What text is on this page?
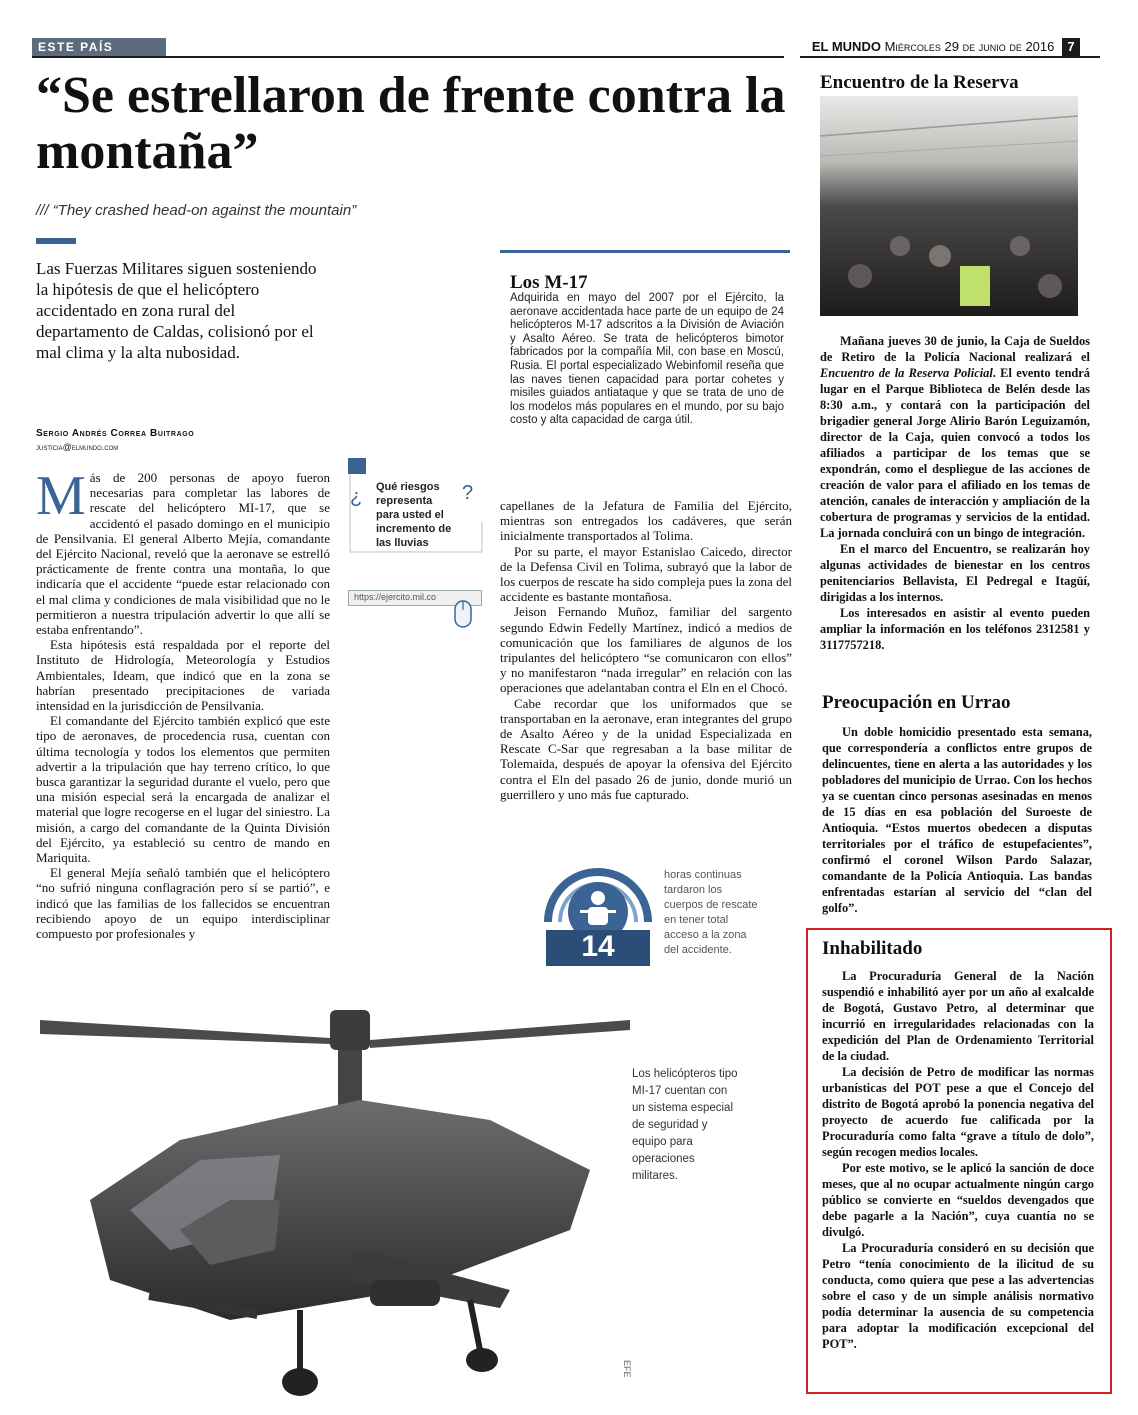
ESTE PAÍS	EL MUNDO Miércoles 29 de junio de 2016 7
“Se estrellaron de frente contra la montaña”
/// “They crashed head-on against the mountain”

Las Fuerzas Militares siguen sosteniendo la hipótesis de que el helicóptero accidentado en zona rural del departamento de Caldas, colisionó por el mal clima y la alta nubosidad.

Sergio Andrés Correa Buitrago
justicia@elmundo.com

Más de 200 personas de apoyo fueron necesarias para completar las labores de rescate del helicóptero MI-17, que se accidentó el pasado domingo en el municipio de Pensilvania. El general Alberto Mejía, comandante del Ejército Nacional, reveló que la aeronave se estrelló prácticamente de frente contra una montaña, lo que indicaría que el accidente “puede estar relacionado con el mal clima y condiciones de mala visibilidad que no le permitieron a nuestra tripulación advertir lo que allí se estaba enfrentando”.

Esta hipótesis está respaldada por el reporte del Instituto de Hidrología, Meteorología y Estudios Ambientales, Ideam, que indicó que en la zona se habrían presentado precipitaciones de variada intensidad en la jurisdicción de Pensilvania.

El comandante del Ejército también explicó que este tipo de aeronaves, de procedencia rusa, cuentan con última tecnología y todos los elementos que permiten advertir a la tripulación que hay terreno crítico, lo que busca garantizar la seguridad durante el vuelo, pero que una misión especial será la encargada de analizar el material que logre recogerse en el lugar del siniestro. La misión, a cargo del comandante de la Quinta División del Ejército, ya estableció su centro de mando en Mariquita.

El general Mejía señaló también que el helicóptero “no sufrió ninguna conflagración pero sí se partió”, e indicó que las familias de los fallecidos se encuentran recibiendo apoyo de un equipo interdisciplinar compuesto por profesionales y

¿ Qué riesgos representa para usted el incremento de las lluvias
?
https://ejercito.mil.co
Los M-17
Adquirida en mayo del 2007 por el Ejército, la aeronave accidentada hace parte de un equipo de 24 helicópteros M-17 adscritos a la División de Aviación y Asalto Aéreo. Se trata de helicópteros bimotor fabricados por la compañía Mil, con base en Moscú, Rusia. El portal especializado Webinfomil reseña que las naves tienen capacidad para portar cohetes y misiles guiados antiataque y que se trata de uno de los modelos más populares en el mundo, por su bajo costo y alta capacidad de carga útil.

capellanes de la Jefatura de Familia del Ejército, mientras son entregados los cadáveres, que serán inicialmente transportados al Tolima.

Por su parte, el mayor Estanislao Caicedo, director de la Defensa Civil en Tolima, subrayó que la labor de los cuerpos de rescate ha sido compleja pues la zona del accidente es bastante montañosa.

Jeison Fernando Muñoz, familiar del sargento segundo Edwin Fedelly Martínez, indicó a medios de comunicación que los familiares de algunos de los tripulantes del helicóptero “se comunicaron con ellos” y no manifestaron “nada irregular” en relación con las operaciones que adelantaban contra el Eln en el Chocó.

Cabe recordar que los uniformados que se transportaban en la aeronave, eran integrantes del grupo de Asalto Aéreo y de la unidad Especializada en Rescate C-Sar que regresaban a la base militar de Tolemaida, después de apoyar la ofensiva del Ejército contra el Eln del pasado 26 de junio, donde murió un guerrillero y uno más fue capturado.

14
horas continuas tardaron los cuerpos de rescate en tener total acceso a la zona del accidente.
Los helicópteros tipo MI-17 cuentan con un sistema especial de seguridad y equipo para operaciones militares.
EFE
Encuentro de la Reserva

Mañana jueves 30 de junio, la Caja de Sueldos de Retiro de la Policía Nacional realizará el Encuentro de la Reserva Policial. El evento tendrá lugar en el Parque Biblioteca de Belén desde las 8:30 a.m., y contará con la participación del brigadier general Jorge Alirio Barón Leguizamón, director de la Caja, quien convocó a todos los afiliados a participar de los temas que se expondrán, como el despliegue de las acciones de creación de valor para el afiliado en los temas de atención, canales de interacción y ampliación de la cobertura de programas y servicios de la entidad. La jornada concluirá con un bingo de integración.

En el marco del Encuentro, se realizarán hoy algunas actividades de bienestar en los centros penitenciarios Bellavista, El Pedregal e Itagüí, dirigidas a los internos.

Los interesados en asistir al evento pueden ampliar la información en los teléfonos 2312581 y 3117757218.

Preocupación en Urrao

Un doble homicidio presentado esta semana, que correspondería a conflictos entre grupos de delincuentes, tiene en alerta a las autoridades y los pobladores del municipio de Urrao. Con los hechos ya se cuentan cinco personas asesinadas en menos de 15 días en esa población del Suroeste de Antioquia. “Estos muertos obedecen a disputas territoriales por el tráfico de estupefacientes”, confirmó el coronel Wilson Pardo Salazar, comandante de la Policía Antioquia. Las bandas enfrentadas estarían al servicio del “clan del golfo”.

Inhabilitado

La Procuraduría General de la Nación suspendió e inhabilitó ayer por un año al exalcalde de Bogotá, Gustavo Petro, al determinar que incurrió en irregularidades relacionadas con la expedición del Plan de Ordenamiento Territorial de la ciudad.

La decisión de Petro de modificar las normas urbanísticas del POT pese a que el Concejo del distrito de Bogotá aprobó la ponencia negativa del proyecto de acuerdo fue calificada por la Procuraduría como falta “grave a título de dolo”, según recogen medios locales.

Por este motivo, se le aplicó la sanción de doce meses, que al no ocupar actualmente ningún cargo público se convierte en “sueldos devengados que debe pagarle a la Nación”, cuya cuantía no se divulgó.

La Procuraduría consideró en su decisión que Petro “tenía conocimiento de la ilicitud de su conducta, como quiera que pese a las advertencias sobre el caso y de un simple análisis normativo podía determinar la ausencia de su competencia para adoptar la modificación excepcional del POT”.
